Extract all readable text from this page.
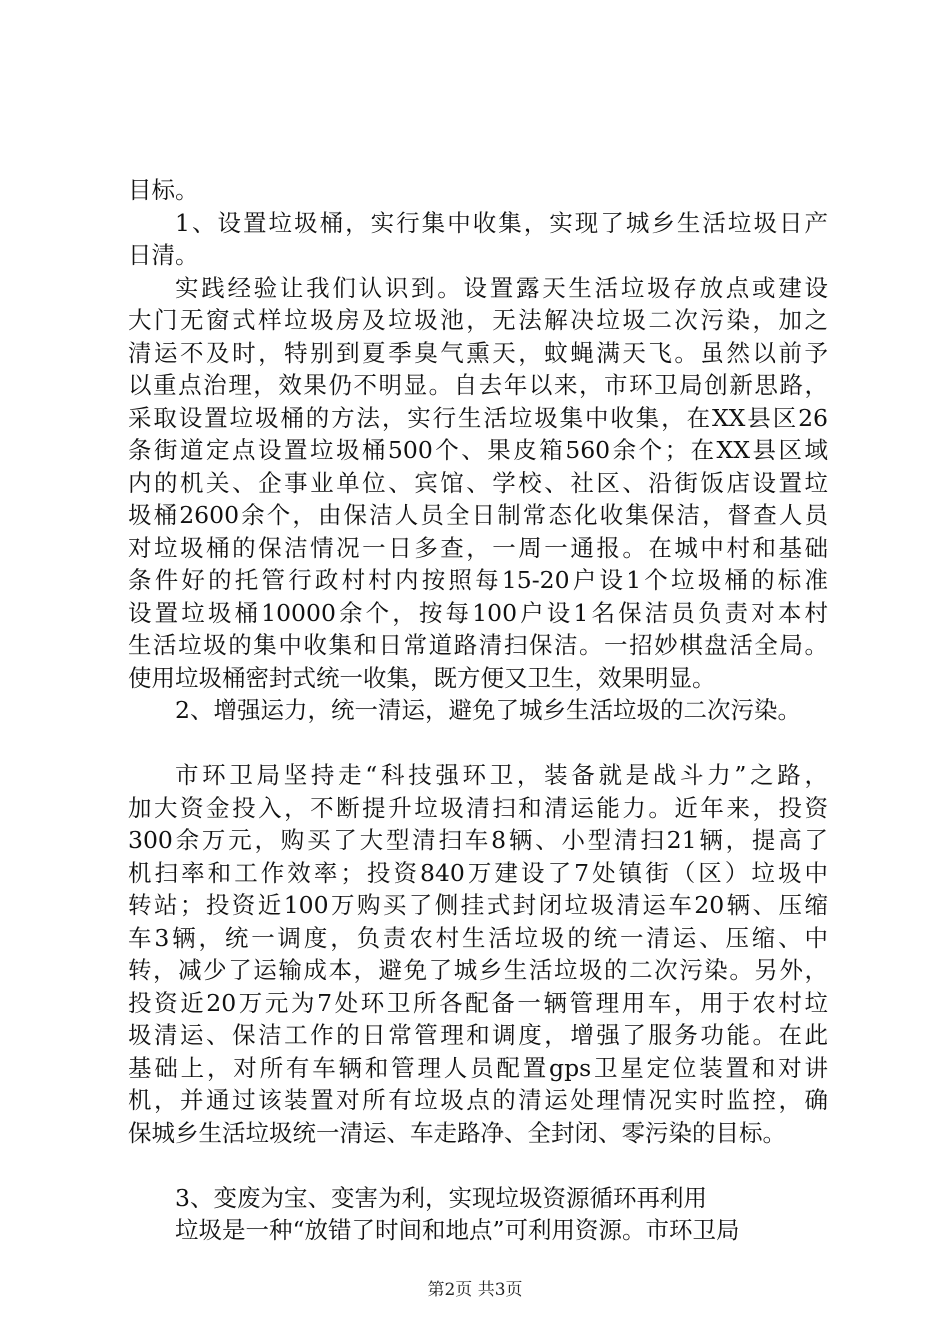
目标。
1、设置垃圾桶，实行集中收集，实现了城乡生活垃圾日产
日清。
实践经验让我们认识到。设置露天生活垃圾存放点或建设
大门无窗式样垃圾房及垃圾池，无法解决垃圾二次污染，加之
清运不及时，特别到夏季臭气熏天，蚊蝇满天飞。虽然以前予
以重点治理，效果仍不明显。自去年以来，市环卫局创新思路，
采取设置垃圾桶的方法，实行生活垃圾集中收集，在XX县区26
条街道定点设置垃圾桶500个、果皮箱560余个；在XX县区域
内的机关、企事业单位、宾馆、学校、社区、沿街饭店设置垃
圾桶2600余个，由保洁人员全日制常态化收集保洁，督查人员
对垃圾桶的保洁情况一日多查，一周一通报。在城中村和基础
条件好的托管行政村村内按照每15-20户设1个垃圾桶的标准
设置垃圾桶10000余个，按每100户设1名保洁员负责对本村
生活垃圾的集中收集和日常道路清扫保洁。一招妙棋盘活全局。
使用垃圾桶密封式统一收集，既方便又卫生，效果明显。
2、增强运力，统一清运，避免了城乡生活垃圾的二次污染。
市环卫局坚持走“科技强环卫，装备就是战斗力”之路，
加大资金投入，不断提升垃圾清扫和清运能力。近年来，投资
300余万元，购买了大型清扫车8辆、小型清扫21辆，提高了
机扫率和工作效率；投资840万建设了7处镇街（区）垃圾中
转站；投资近100万购买了侧挂式封闭垃圾清运车20辆、压缩
车3辆，统一调度，负责农村生活垃圾的统一清运、压缩、中
转，减少了运输成本，避免了城乡生活垃圾的二次污染。另外，
投资近20万元为7处环卫所各配备一辆管理用车，用于农村垃
圾清运、保洁工作的日常管理和调度，增强了服务功能。在此
基础上，对所有车辆和管理人员配置gps卫星定位装置和对讲
机，并通过该装置对所有垃圾点的清运处理情况实时监控，确
保城乡生活垃圾统一清运、车走路净、全封闭、零污染的目标。
3、变废为宝、变害为利，实现垃圾资源循环再利用
垃圾是一种“放错了时间和地点”可利用资源。市环卫局
第2页 共3页
